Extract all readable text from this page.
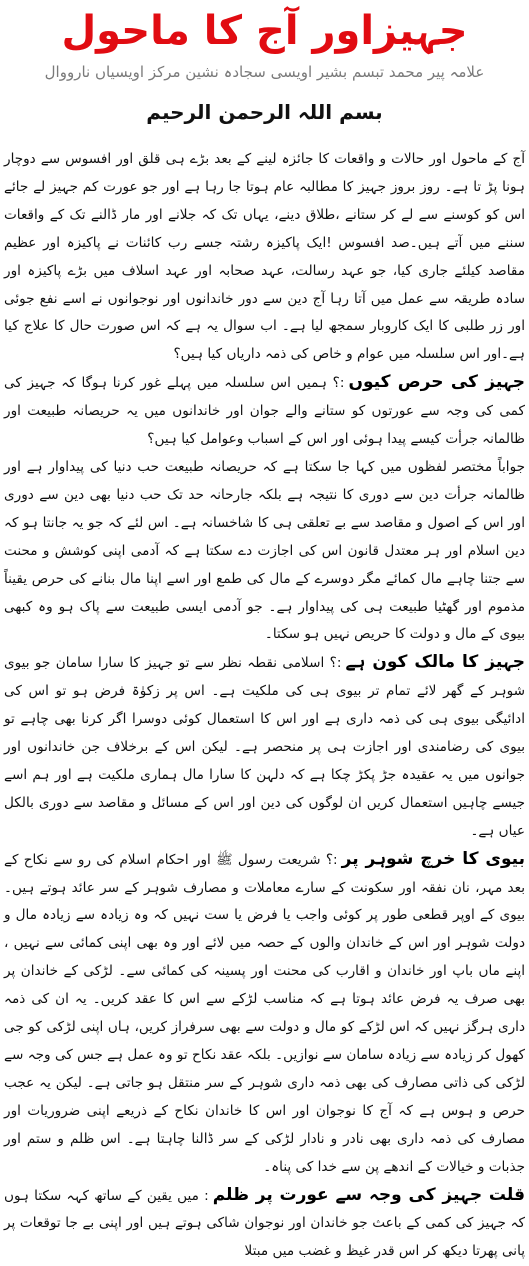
جہیزاور آج کا ماحول
علامہ پیر محمد تبسم بشیر اویسی سجادہ نشین مرکز اویسیاں نارووال
بسم اللہ الرحمن الرحیم

آج کے ماحول اور حالات و واقعات کا جائزہ لینے کے بعد بڑے ہی قلق اور افسوس سے دوچار ہونا پڑ تا ہے۔ روز بروز جہیز کا مطالبہ عام ہوتا جا رہا ہے اور جو عورت کم جہیز لے جائے اس کو کوسنے سے لے کر ستانے ،طلاق دینے، یہاں تک کہ جلانے اور مار ڈالنے تک کے واقعات سننے میں آتے ہیں۔صد افسوس !ایک پاکیزہ رشتہ جسے رب کائنات نے پاکیزہ اور عظیم مقاصد کیلئے جاری کیا، جو عہد رسالت، عہد صحابہ اور عہد اسلاف میں بڑے پاکیزہ اور سادہ طریقہ سے عمل میں آتا رہا آج دین سے دور خاندانوں اور نوجوانوں نے اسے نفع جوئی اور زر طلبی کا ایک کاروبار سمجھ لیا ہے۔ اب سوال یہ ہے کہ اس صورت حال کا علاج کیا ہے۔اور اس سلسلہ میں عوام و خاص کی ذمہ داریاں کیا ہیں؟

جہیز کی حرص کیوں:؟ ہمیں اس سلسلہ میں پہلے غور کرنا ہوگا کہ جہیز کی کمی کی وجہ سے عورتوں کو ستانے والے جوان اور خاندانوں میں یہ حریصانہ طبیعت اور ظالمانہ جرأت کیسے پیدا ہوئی اور اس کے اسباب وعوامل کیا ہیں؟

جواباً مختصر لفظوں میں کہا جا سکتا ہے کہ حریصانہ طبیعت حب دنیا کی پیداوار ہے اور ظالمانہ جرأت دین سے دوری کا نتیجہ ہے بلکہ جارحانہ حد تک حب دنیا بھی دین سے دوری اور اس کے اصول و مقاصد سے بے تعلقی ہی کا شاخسانہ ہے۔ اس لئے کہ جو یہ جانتا ہو کہ دین اسلام اور ہر معتدل قانون اس کی اجازت دے سکتا ہے کہ آدمی اپنی کوشش و محنت سے جتنا چاہے مال کمائے مگر دوسرے کے مال کی طمع اور اسے اپنا مال بنانے کی حرص یقیناً مذموم اور گھٹیا طبیعت ہی کی پیداوار ہے۔ جو آدمی ایسی طبیعت سے پاک ہو وہ کبھی بیوی کے مال و دولت کا حریص نہیں ہو سکتا۔

جہیز کا مالک کون ہے:؟ اسلامی نقطہ نظر سے تو جہیز کا سارا سامان جو بیوی شوہر کے گھر لائے تمام تر بیوی ہی کی ملکیت ہے۔ اس پر زکوٰۃ فرض ہو تو اس کی ادائیگی بیوی ہی کی ذمہ داری ہے اور اس کا استعمال کوئی دوسرا اگر کرنا بھی چاہے تو بیوی کی رضامندی اور اجازت ہی پر منحصر ہے۔ لیکن اس کے برخلاف جن خاندانوں اور جوانوں میں یہ عقیدہ جڑ پکڑ چکا ہے کہ دلہن کا سارا مال ہماری ملکیت ہے اور ہم اسے جیسے چاہیں استعمال کریں ان لوگوں کی دین اور اس کے مسائل و مقاصد سے دوری بالکل عیاں ہے۔

بیوی کا خرچ شوہر پر:؟ شریعت رسول ﷺ اور احکام اسلام کی رو سے نکاح کے بعد مہر، نان نفقہ اور سکونت کے سارے معاملات و مصارف شوہر کے سر عائد ہوتے ہیں۔ بیوی کے اوپر قطعی طور پر کوئی واجب یا فرض یا ست نہیں کہ وہ زیادہ سے زیادہ مال و دولت شوہر اور اس کے خاندان والوں کے حصہ میں لائے اور وہ بھی اپنی کمائی سے نہیں ، اپنے ماں باپ اور خاندان و اقارب کی محنت اور پسینہ کی کمائی سے۔ لڑکی کے خاندان پر بھی صرف یہ فرض عائد ہوتا ہے کہ مناسب لڑکے سے اس کا عقد کریں۔ یہ ان کی ذمہ داری ہرگز نہیں کہ اس لڑکے کو مال و دولت سے بھی سرفراز کریں، ہاں اپنی لڑکی کو جی کھول کر زیادہ سے زیادہ سامان سے نوازیں۔ بلکہ عقد نکاح تو وہ عمل ہے جس کی وجہ سے لڑکی کی ذاتی مصارف کی بھی ذمہ داری شوہر کے سر منتقل ہو جاتی ہے۔ لیکن یہ عجب حرص و ہوس ہے کہ آج کا نوجوان اور اس کا خاندان نکاح کے ذریعے اپنی ضروریات اور مصارف کی ذمہ داری بھی نادر و نادار لڑکی کے سر ڈالنا چاہتا ہے۔ اس ظلم و ستم اور جذبات و خیالات کے اندھے پن سے خدا کی پناہ۔

قلت جہیز کی وجہ سے عورت پر ظلم: میں یقین کے ساتھ کہہ سکتا ہوں کہ جہیز کی کمی کے باعث جو خاندان اور نوجوان شاکی ہوتے ہیں اور اپنی بے جا توقعات پر پانی پھرتا دیکھ کر اس قدر غیظ و غضب میں مبتلا
